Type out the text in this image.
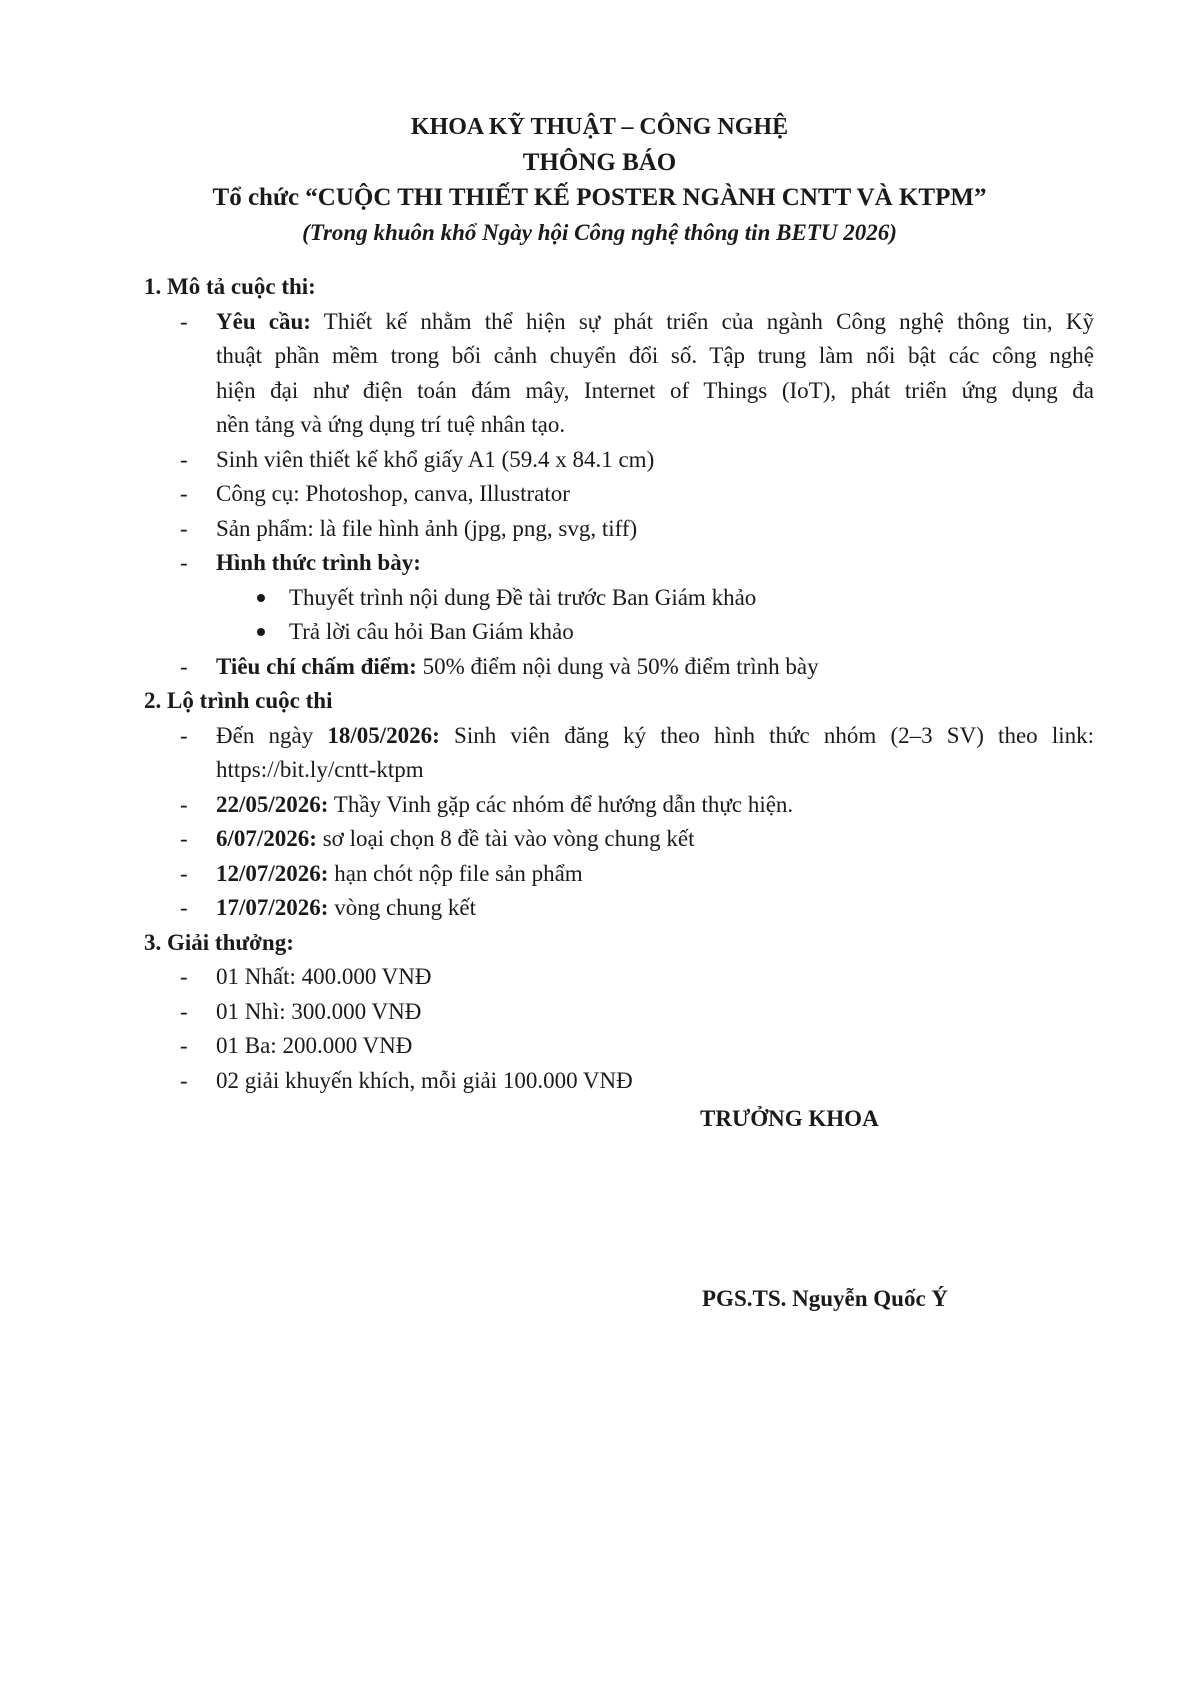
KHOA KỸ THUẬT – CÔNG NGHỆ
THÔNG BÁO
Tổ chức “CUỘC THI THIẾT KẾ POSTER NGÀNH CNTT VÀ KTPM”
(Trong khuôn khổ Ngày hội Công nghệ thông tin BETU 2026)
1. Mô tả cuộc thi:
- Yêu cầu: Thiết kế nhằm thể hiện sự phát triển của ngành Công nghệ thông tin, Kỹ
thuật phần mềm trong bối cảnh chuyển đổi số. Tập trung làm nổi bật các công nghệ
hiện đại như điện toán đám mây, Internet of Things (IoT), phát triển ứng dụng đa
nền tảng và ứng dụng trí tuệ nhân tạo.
- Sinh viên thiết kế khổ giấy A1 (59.4 x 84.1 cm)
- Công cụ: Photoshop, canva, Illustrator
- Sản phẩm: là file hình ảnh (jpg, png, svg, tiff)
- Hình thức trình bày:
Thuyết trình nội dung Đề tài trước Ban Giám khảo
Trả lời câu hỏi Ban Giám khảo
- Tiêu chí chấm điểm: 50% điểm nội dung và 50% điểm trình bày
2. Lộ trình cuộc thi
- Đến ngày 18/05/2026: Sinh viên đăng ký theo hình thức nhóm (2–3 SV) theo link:
https://bit.ly/cntt-ktpm
- 22/05/2026: Thầy Vinh gặp các nhóm để hướng dẫn thực hiện.
- 6/07/2026: sơ loại chọn 8 đề tài vào vòng chung kết
- 12/07/2026: hạn chót nộp file sản phẩm
- 17/07/2026: vòng chung kết
3. Giải thưởng:
- 01 Nhất: 400.000 VNĐ
- 01 Nhì: 300.000 VNĐ
- 01 Ba: 200.000 VNĐ
- 02 giải khuyến khích, mỗi giải 100.000 VNĐ
TRƯỞNG KHOA
PGS.TS. Nguyễn Quốc Ý
